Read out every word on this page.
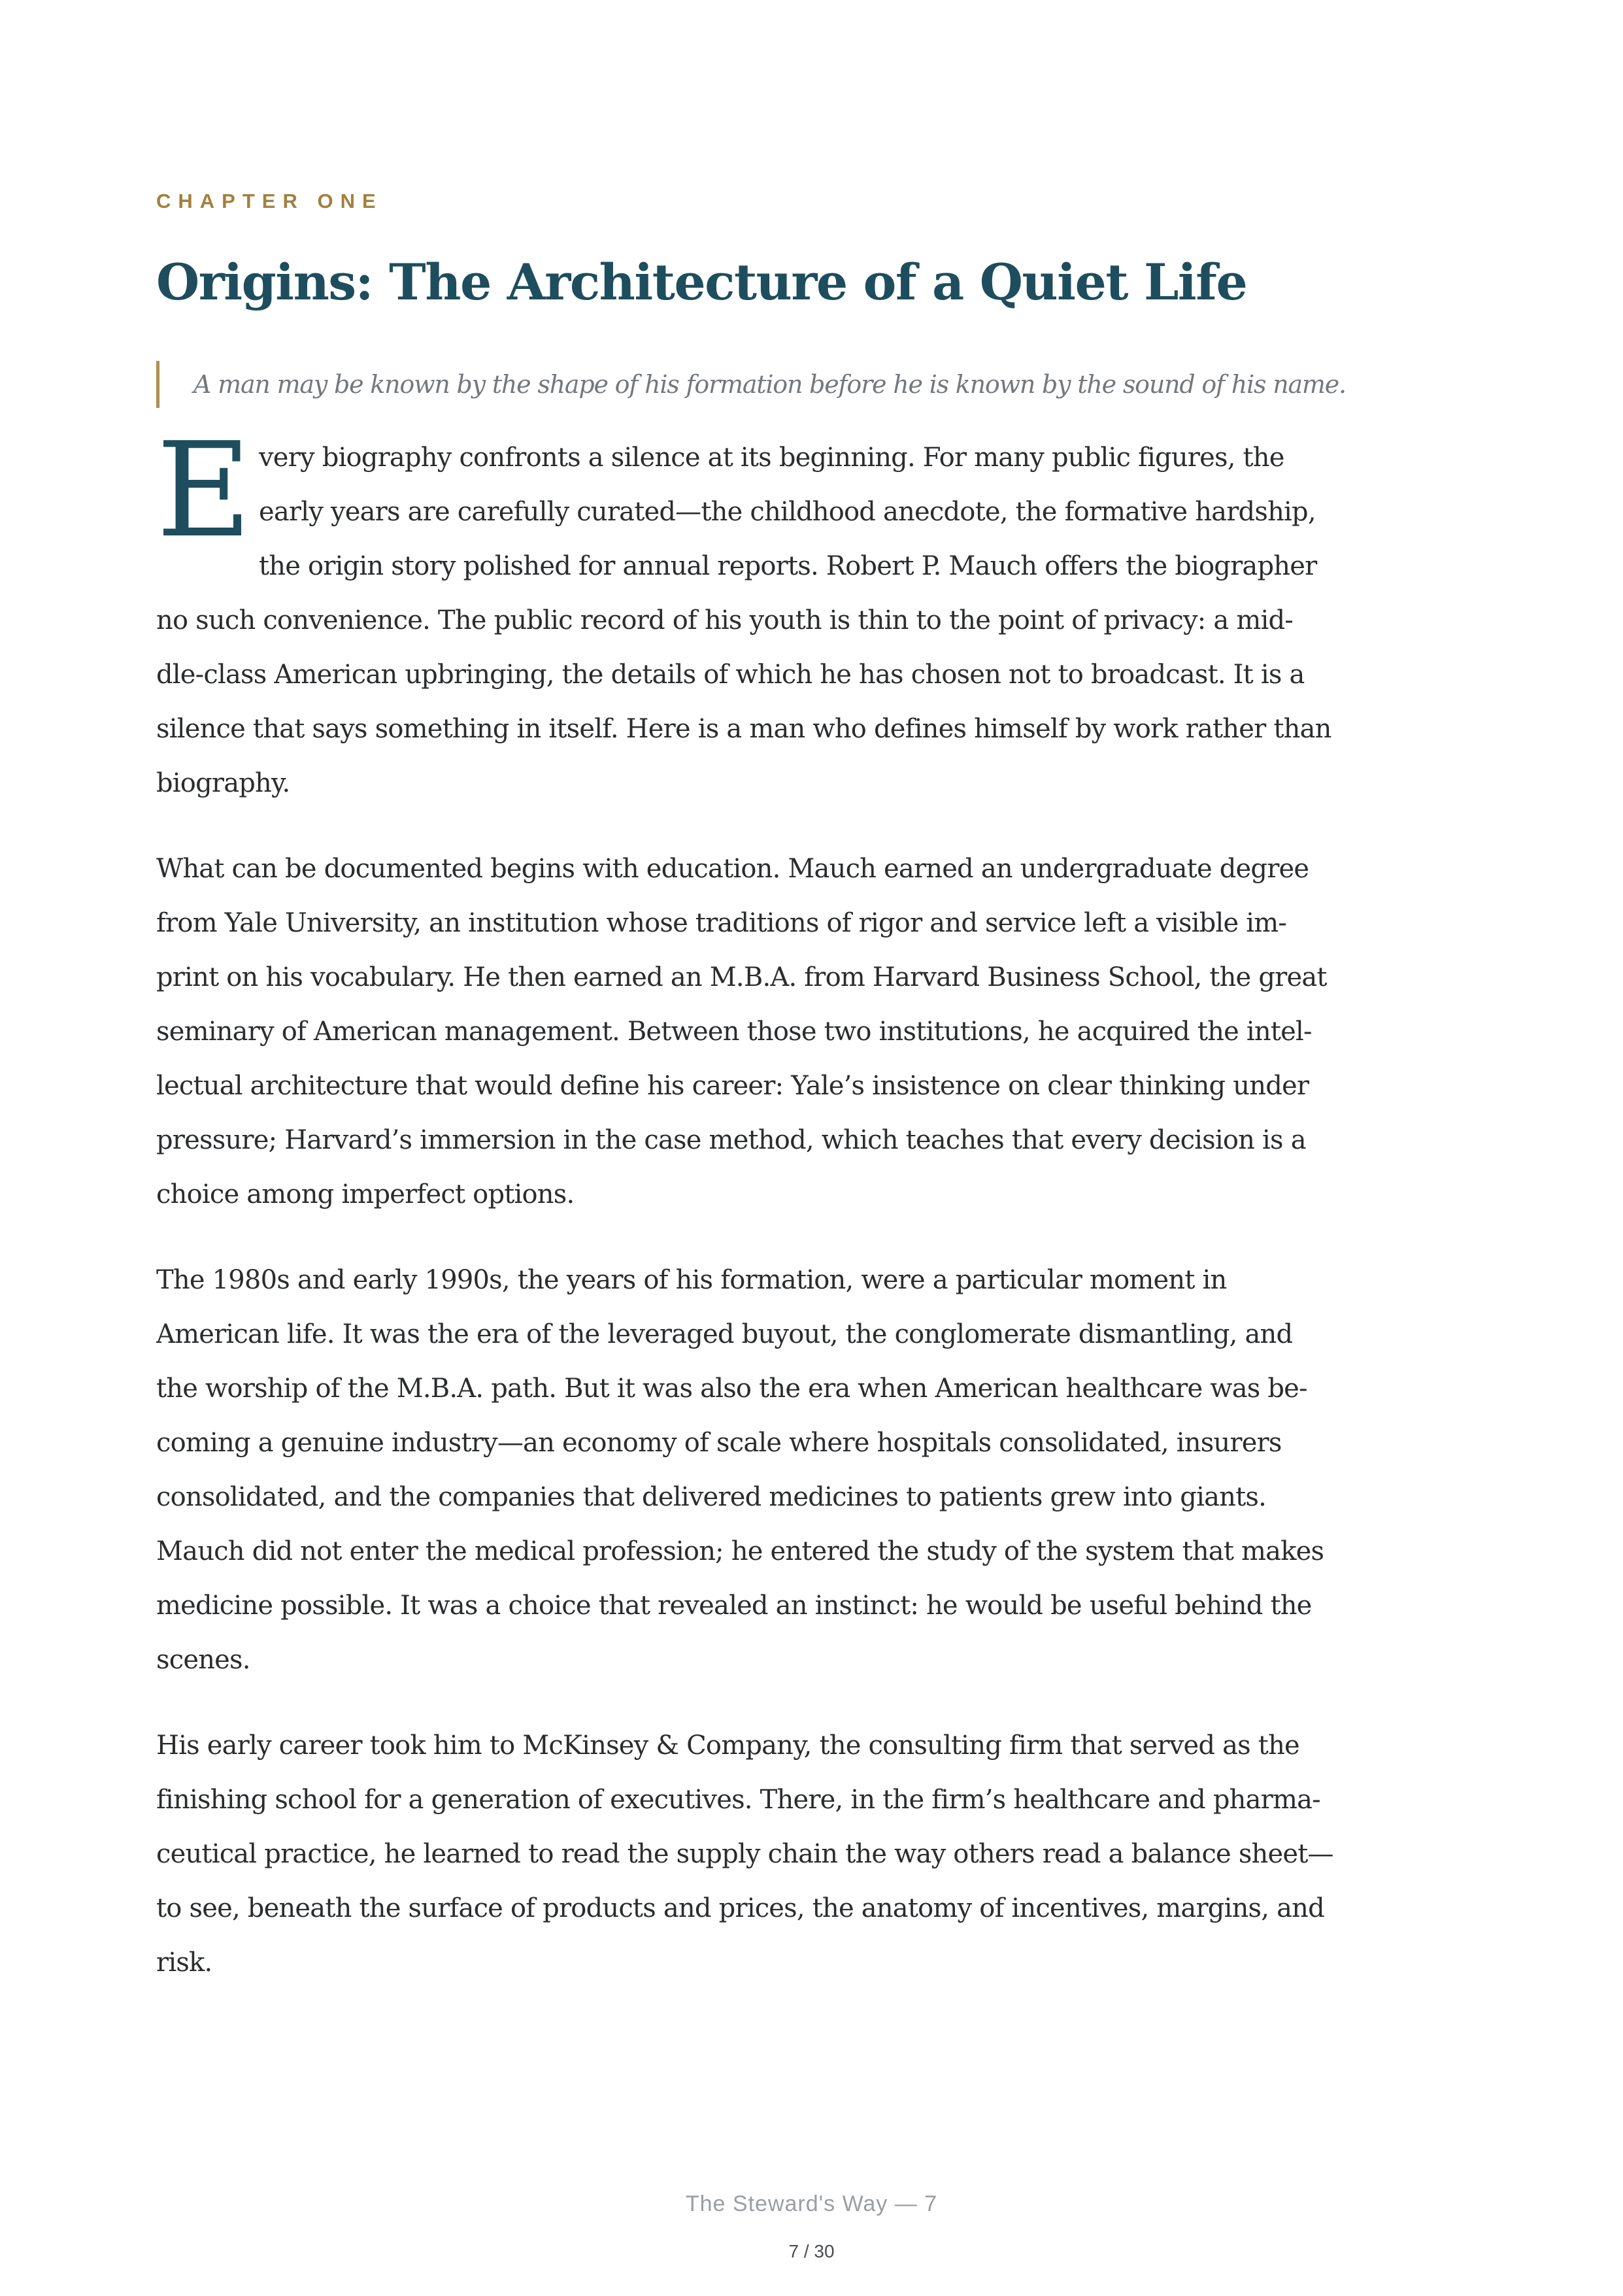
CHAPTER ONE

Origins: The Architecture of a Quiet Life
A man may be known by the shape of his formation before he is known by the sound of his name.
E very biography confronts a silence at its beginning. For many public figures, the
early years are carefully curated—the childhood anecdote, the formative hardship,
the origin story polished for annual reports. Robert P. Mauch offers the biographer
no such convenience. The public record of his youth is thin to the point of privacy: a mid-
dle-class American upbringing, the details of which he has chosen not to broadcast. It is a
silence that says something in itself. Here is a man who defines himself by work rather than
biography.
What can be documented begins with education. Mauch earned an undergraduate degree
from Yale University, an institution whose traditions of rigor and service left a visible im-
print on his vocabulary. He then earned an M.B.A. from Harvard Business School, the great
seminary of American management. Between those two institutions, he acquired the intel-
lectual architecture that would define his career: Yale’s insistence on clear thinking under
pressure; Harvard’s immersion in the case method, which teaches that every decision is a
choice among imperfect options.
The 1980s and early 1990s, the years of his formation, were a particular moment in
American life. It was the era of the leveraged buyout, the conglomerate dismantling, and
the worship of the M.B.A. path. But it was also the era when American healthcare was be-
coming a genuine industry—an economy of scale where hospitals consolidated, insurers
consolidated, and the companies that delivered medicines to patients grew into giants.
Mauch did not enter the medical profession; he entered the study of the system that makes
medicine possible. It was a choice that revealed an instinct: he would be useful behind the
scenes.
His early career took him to McKinsey & Company, the consulting firm that served as the
finishing school for a generation of executives. There, in the firm’s healthcare and pharma-
ceutical practice, he learned to read the supply chain the way others read a balance sheet—
to see, beneath the surface of products and prices, the anatomy of incentives, margins, and
risk.
The Steward's Way — 7
7 / 30
